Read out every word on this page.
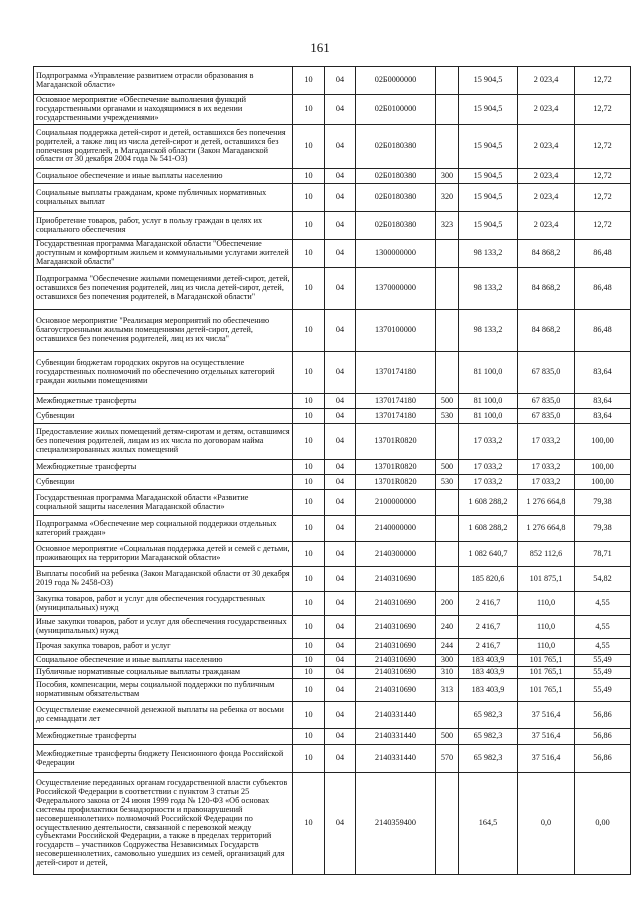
161
Подпрограмма «Управление развитием отрасли образования в Магаданской области»	10	04	02Б0000000		15 904,5	2 023,4	12,72
Основное мероприятие «Обеспечение выполнения функций государственными органами и находящимися в их ведении государственными учреждениями»	10	04	02Б0100000		15 904,5	2 023,4	12,72
Социальная поддержка детей-сирот и детей, оставшихся без попечения родителей, а также лиц из числа детей-сирот и детей, оставшихся без попечения родителей, в Магаданской области (Закон Магаданской области от 30 декабря 2004 года № 541-ОЗ)	10	04	02Б0180380		15 904,5	2 023,4	12,72
Социальное обеспечение и иные выплаты населению	10	04	02Б0180380	300	15 904,5	2 023,4	12,72
Социальные выплаты гражданам, кроме публичных нормативных социальных выплат	10	04	02Б0180380	320	15 904,5	2 023,4	12,72
Приобретение товаров, работ, услуг в пользу граждан в целях их социального обеспечения	10	04	02Б0180380	323	15 904,5	2 023,4	12,72
Государственная программа Магаданской области "Обеспечение доступным и комфортным жильем и коммунальными услугами жителей Магаданской области"	10	04	1300000000		98 133,2	84 868,2	86,48
Подпрограмма "Обеспечение жилыми помещениями детей-сирот, детей, оставшихся без попечения родителей, лиц из числа детей-сирот, детей, оставшихся без попечения родителей, в Магаданской области"	10	04	1370000000		98 133,2	84 868,2	86,48
Основное мероприятие "Реализация мероприятий по обеспечению благоустроенными жилыми помещениями детей-сирот, детей, оставшихся без попечения родителей, лиц из их числа"	10	04	1370100000		98 133,2	84 868,2	86,48
Субвенции бюджетам городских округов на осуществление государственных полномочий по обеспечению отдельных категорий граждан жилыми помещениями	10	04	1370174180		81 100,0	67 835,0	83,64
Межбюджетные трансферты	10	04	1370174180	500	81 100,0	67 835,0	83,64
Субвенции	10	04	1370174180	530	81 100,0	67 835,0	83,64
Предоставление жилых помещений детям-сиротам и детям, оставшимся без попечения родителей, лицам из их числа по договорам найма специализированных жилых помещений	10	04	13701R0820		17 033,2	17 033,2	100,00
Межбюджетные трансферты	10	04	13701R0820	500	17 033,2	17 033,2	100,00
Субвенции	10	04	13701R0820	530	17 033,2	17 033,2	100,00
Государственная программа Магаданской области «Развитие социальной защиты населения Магаданской области»	10	04	2100000000		1 608 288,2	1 276 664,8	79,38
Подпрограмма «Обеспечение мер социальной поддержки отдельных категорий граждан»	10	04	2140000000		1 608 288,2	1 276 664,8	79,38
Основное мероприятие «Социальная поддержка детей и семей с детьми, проживающих на территории Магаданской области»	10	04	2140300000		1 082 640,7	852 112,6	78,71
Выплаты пособий на ребенка (Закон Магаданской области от 30 декабря 2019 года № 2458-ОЗ)	10	04	2140310690		185 820,6	101 875,1	54,82
Закупка товаров, работ и услуг для обеспечения государственных (муниципальных) нужд	10	04	2140310690	200	2 416,7	110,0	4,55
Иные закупки товаров, работ и услуг для обеспечения государственных (муниципальных) нужд	10	04	2140310690	240	2 416,7	110,0	4,55
Прочая закупка товаров, работ и услуг	10	04	2140310690	244	2 416,7	110,0	4,55
Социальное обеспечение и иные выплаты населению	10	04	2140310690	300	183 403,9	101 765,1	55,49
Публичные нормативные социальные выплаты гражданам	10	04	2140310690	310	183 403,9	101 765,1	55,49
Пособия, компенсации, меры социальной поддержки по публичным нормативным обязательствам	10	04	2140310690	313	183 403,9	101 765,1	55,49
Осуществление ежемесячной денежной выплаты на ребенка от восьми до семнадцати лет	10	04	2140331440		65 982,3	37 516,4	56,86
Межбюджетные трансферты	10	04	2140331440	500	65 982,3	37 516,4	56,86
Межбюджетные трансферты бюджету Пенсионного фонда Российской Федерации	10	04	2140331440	570	65 982,3	37 516,4	56,86
Осуществление переданных органам государственной власти субъектов Российской Федерации в соответствии с пунктом 3 статьи 25 Федерального закона от 24 июня 1999 года № 120-ФЗ «Об основах системы профилактики безнадзорности и правонарушений несовершеннолетних» полномочий Российской Федерации по осуществлению деятельности, связанной с перевозкой между субъектами Российской Федерации, а также в пределах территорий государств – участников Содружества Независимых Государств несовершеннолетних, самовольно ушедших из семей, организаций для детей-сирот и детей,	10	04	2140359400		164,5	0,0	0,00
